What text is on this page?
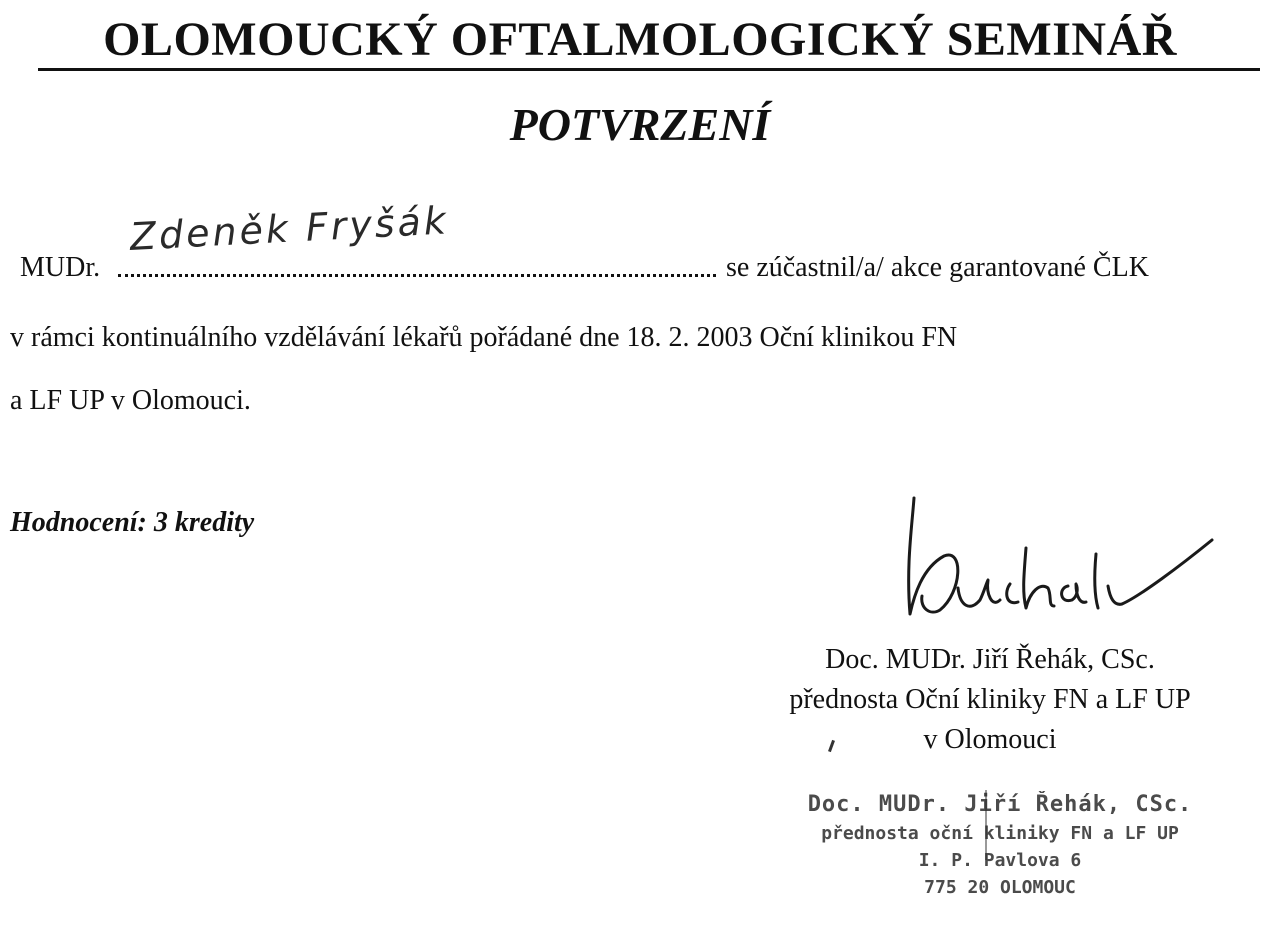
OLOMOUCKÝ OFTALMOLOGICKÝ SEMINÁŘ
POTVRZENÍ
Zdeněk Fryšák
MUDr.	se zúčastnil/a/ akce garantované ČLK
v rámci kontinuálního vzdělávání lékařů pořádané dne 18. 2. 2003 Oční klinikou FN
a LF UP v Olomouci.
Hodnocení: 3 kredity
Doc. MUDr. Jiří Řehák, CSc.
přednosta Oční kliniky FN a LF UP
v Olomouci
Doc. MUDr. Jiří Řehák, CSc.
přednosta oční kliniky FN a LF UP
I. P. Pavlova 6
775 20 OLOMOUC
